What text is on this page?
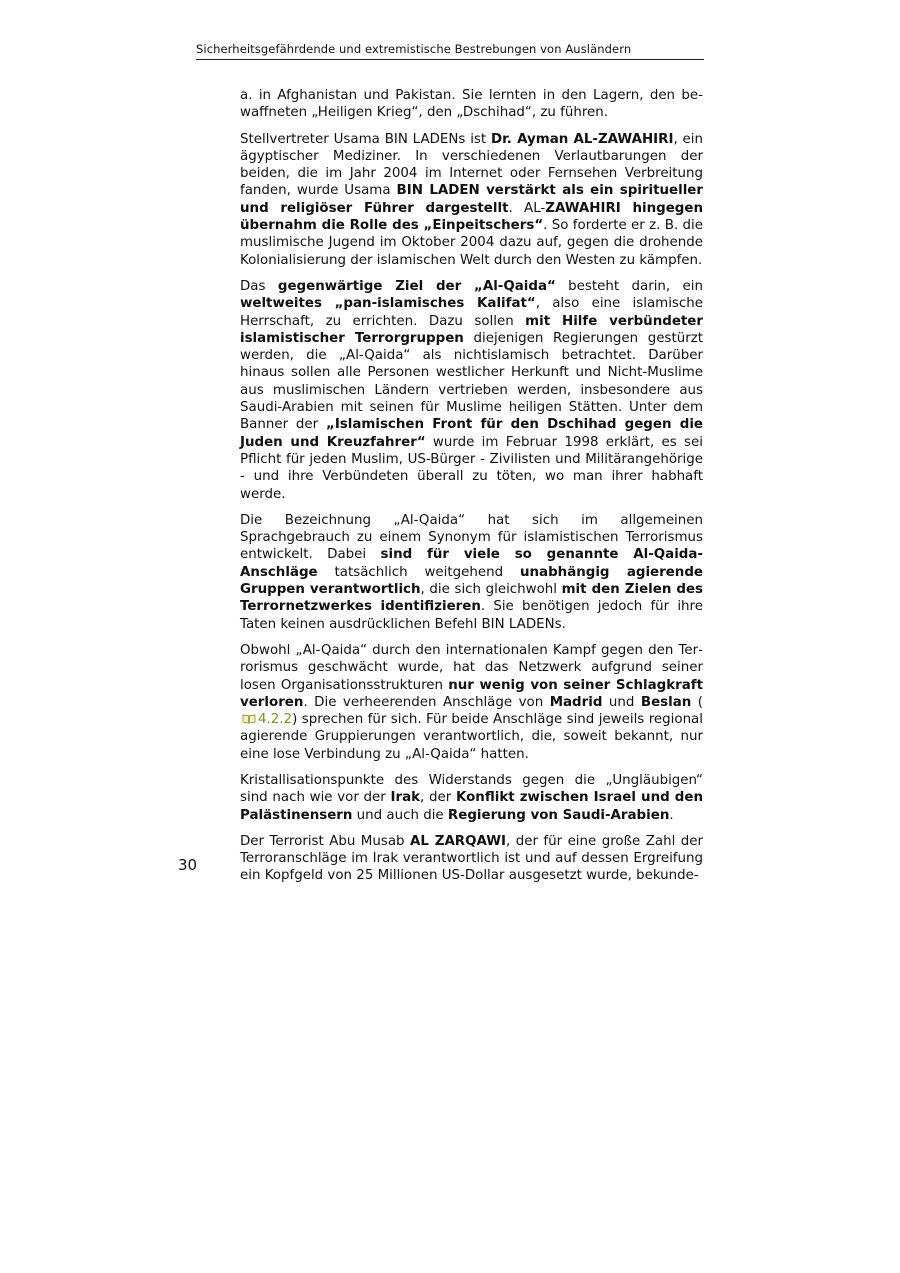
Sicherheitsgefährdende und extremistische Bestrebungen von Ausländern

a. in Afghanistan und Pakistan. Sie lernten in den Lagern, den bewaffneten „Heiligen Krieg“, den „Dschihad“, zu führen.

Stellvertreter Usama BIN LADENs ist Dr. Ayman AL-ZAWAHIRI, ein ägyptischer Mediziner. In verschiedenen Verlautbarungen der beiden, die im Jahr 2004 im Internet oder Fernsehen Verbreitung fanden, wurde Usama BIN LADEN verstärkt als ein spiritueller und religiöser Führer dargestellt. AL-ZAWAHIRI hingegen übernahm die Rolle des „Einpeitschers“. So forderte er z. B. die muslimische Jugend im Oktober 2004 dazu auf, gegen die drohende Kolonialisierung der islamischen Welt durch den Westen zu kämpfen.

Das gegenwärtige Ziel der „Al-Qaida“ besteht darin, ein weltweites „pan-islamisches Kalifat“, also eine islamische Herrschaft, zu errichten. Dazu sollen mit Hilfe verbündeter islamistischer Terrorgruppen diejenigen Regierungen gestürzt werden, die „Al-Qaida“ als nichtislamisch betrachtet. Darüber hinaus sollen alle Personen westlicher Herkunft und Nicht-Muslime aus muslimischen Ländern vertrieben werden, insbesondere aus Saudi-Arabien mit seinen für Muslime heiligen Stätten. Unter dem Banner der „Islamischen Front für den Dschihad gegen die Juden und Kreuzfahrer“ wurde im Februar 1998 erklärt, es sei Pflicht für jeden Muslim, US-Bürger - Zivilisten und Militärangehörige - und ihre Verbündeten überall zu töten, wo man ihrer habhaft werde.

Die Bezeichnung „Al-Qaida“ hat sich im allgemeinen Sprachgebrauch zu einem Synonym für islamistischen Terrorismus entwickelt. Dabei sind für viele so genannte Al-Qaida-Anschläge tatsächlich weitgehend unabhängig agierende Gruppen verantwortlich, die sich gleichwohl mit den Zielen des Terrornetzwerkes identifizieren. Sie benötigen jedoch für ihre Taten keinen ausdrücklichen Befehl BIN LADENs.

Obwohl „Al-Qaida“ durch den internationalen Kampf gegen den Terrorismus geschwächt wurde, hat das Netzwerk aufgrund seiner losen Organisationsstrukturen nur wenig von seiner Schlagkraft verloren. Die verheerenden Anschläge von Madrid und Beslan (4.2.2) sprechen für sich. Für beide Anschläge sind jeweils regional agierende Gruppierungen verantwortlich, die, soweit bekannt, nur eine lose Verbindung zu „Al-Qaida“ hatten.

Kristallisationspunkte des Widerstands gegen die „Ungläubigen“ sind nach wie vor der Irak, der Konflikt zwischen Israel und den Palästinensern und auch die Regierung von Saudi-Arabien.

Der Terrorist Abu Musab AL ZARQAWI, der für eine große Zahl der Terroranschläge im Irak verantwortlich ist und auf dessen Ergreifung ein Kopfgeld von 25 Millionen US-Dollar ausgesetzt wurde, bekunde-

30
